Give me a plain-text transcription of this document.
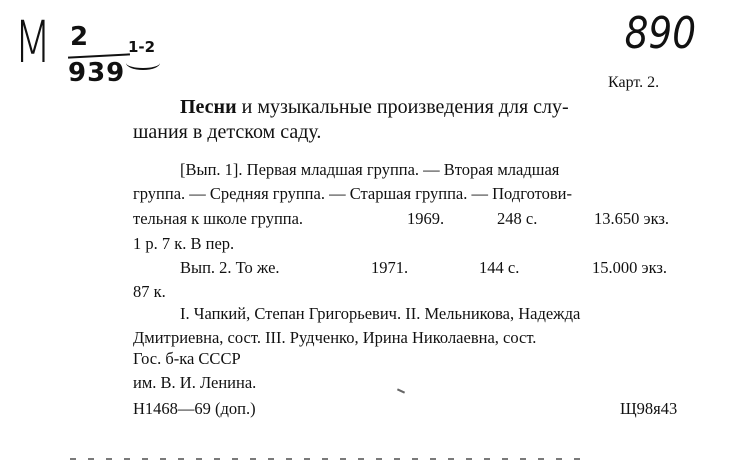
М 2
939
1-2	890
Карт. 2.
Песни и музыкальные произведения для слу-
шания в детском саду.
[Вып. 1]. Первая младшая группа. — Вторая младшая
группа. — Средняя группа. — Старшая группа. — Подготови-
тельная к школе группа.	1969.	248 с.	13.650 экз.
1 р. 7 к. В пер.
Вып. 2. То же.	1971.	144 с.	15.000 экз.
87 к.
I. Чапкий, Степан Григорьевич. II. Мельникова, Надежда
Дмитриевна, сост. III. Рудченко, Ирина Николаевна, сост.
Гос. б-ка СССР
им. В. И. Ленина.
H1468—69 (доп.)	Щ98я43
